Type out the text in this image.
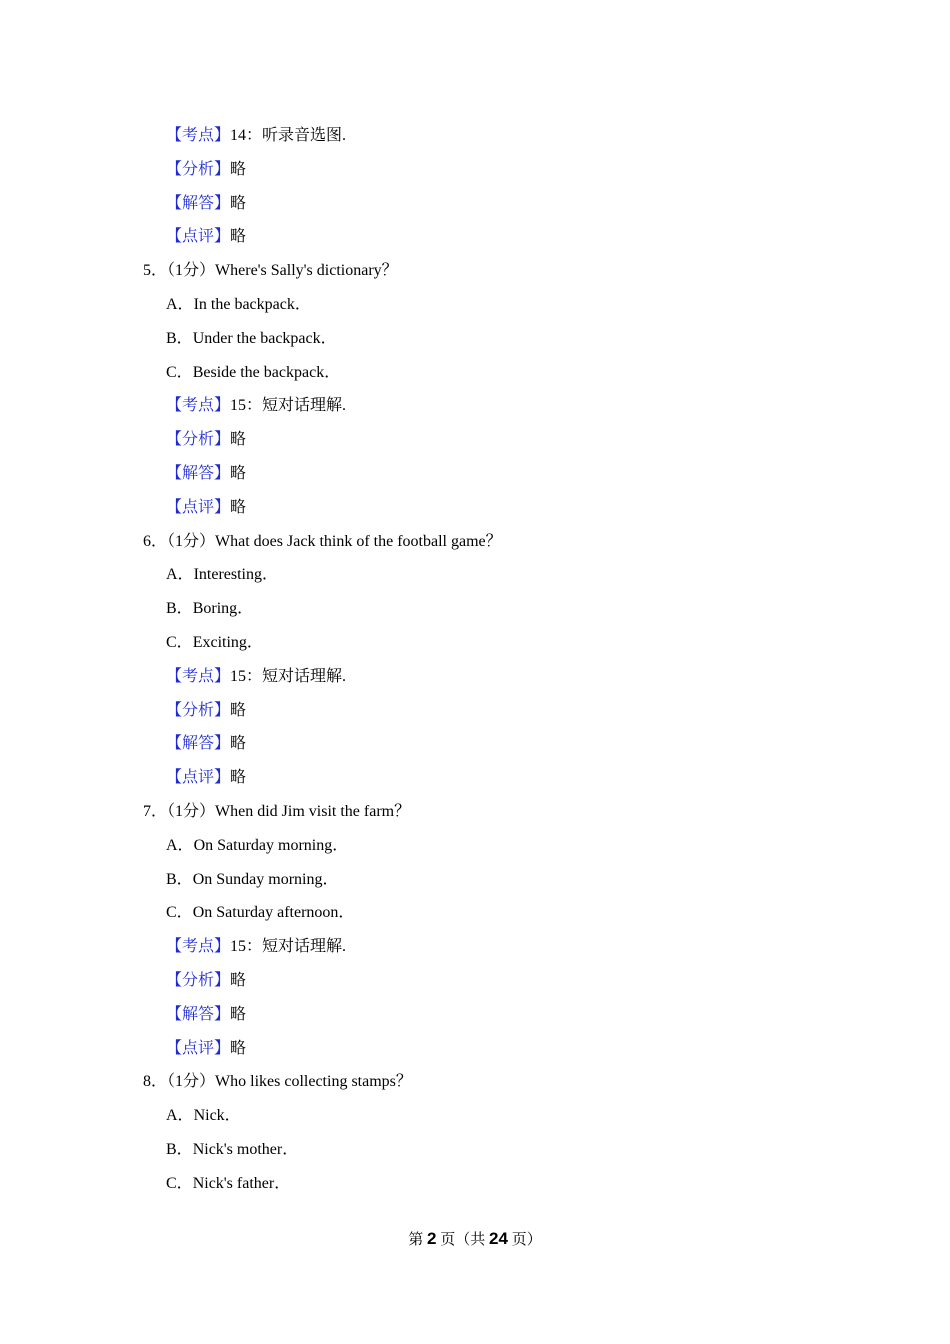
【考点】14：听录音选图.
【分析】略
【解答】略
【点评】略
5．（1分）Where's Sally's dictionary？
A．In the backpack．
B．Under the backpack．
C．Beside the backpack．
【考点】15：短对话理解.
【分析】略
【解答】略
【点评】略
6．（1分）What does Jack think of the football game？
A．Interesting．
B．Boring．
C．Exciting．
【考点】15：短对话理解.
【分析】略
【解答】略
【点评】略
7．（1分）When did Jim visit the farm？
A．On Saturday morning．
B．On Sunday morning．
C．On Saturday afternoon．
【考点】15：短对话理解.
【分析】略
【解答】略
【点评】略
8．（1分）Who likes collecting stamps？
A．Nick．
B．Nick's mother．
C．Nick's father．
第 2 页（共 24 页）
